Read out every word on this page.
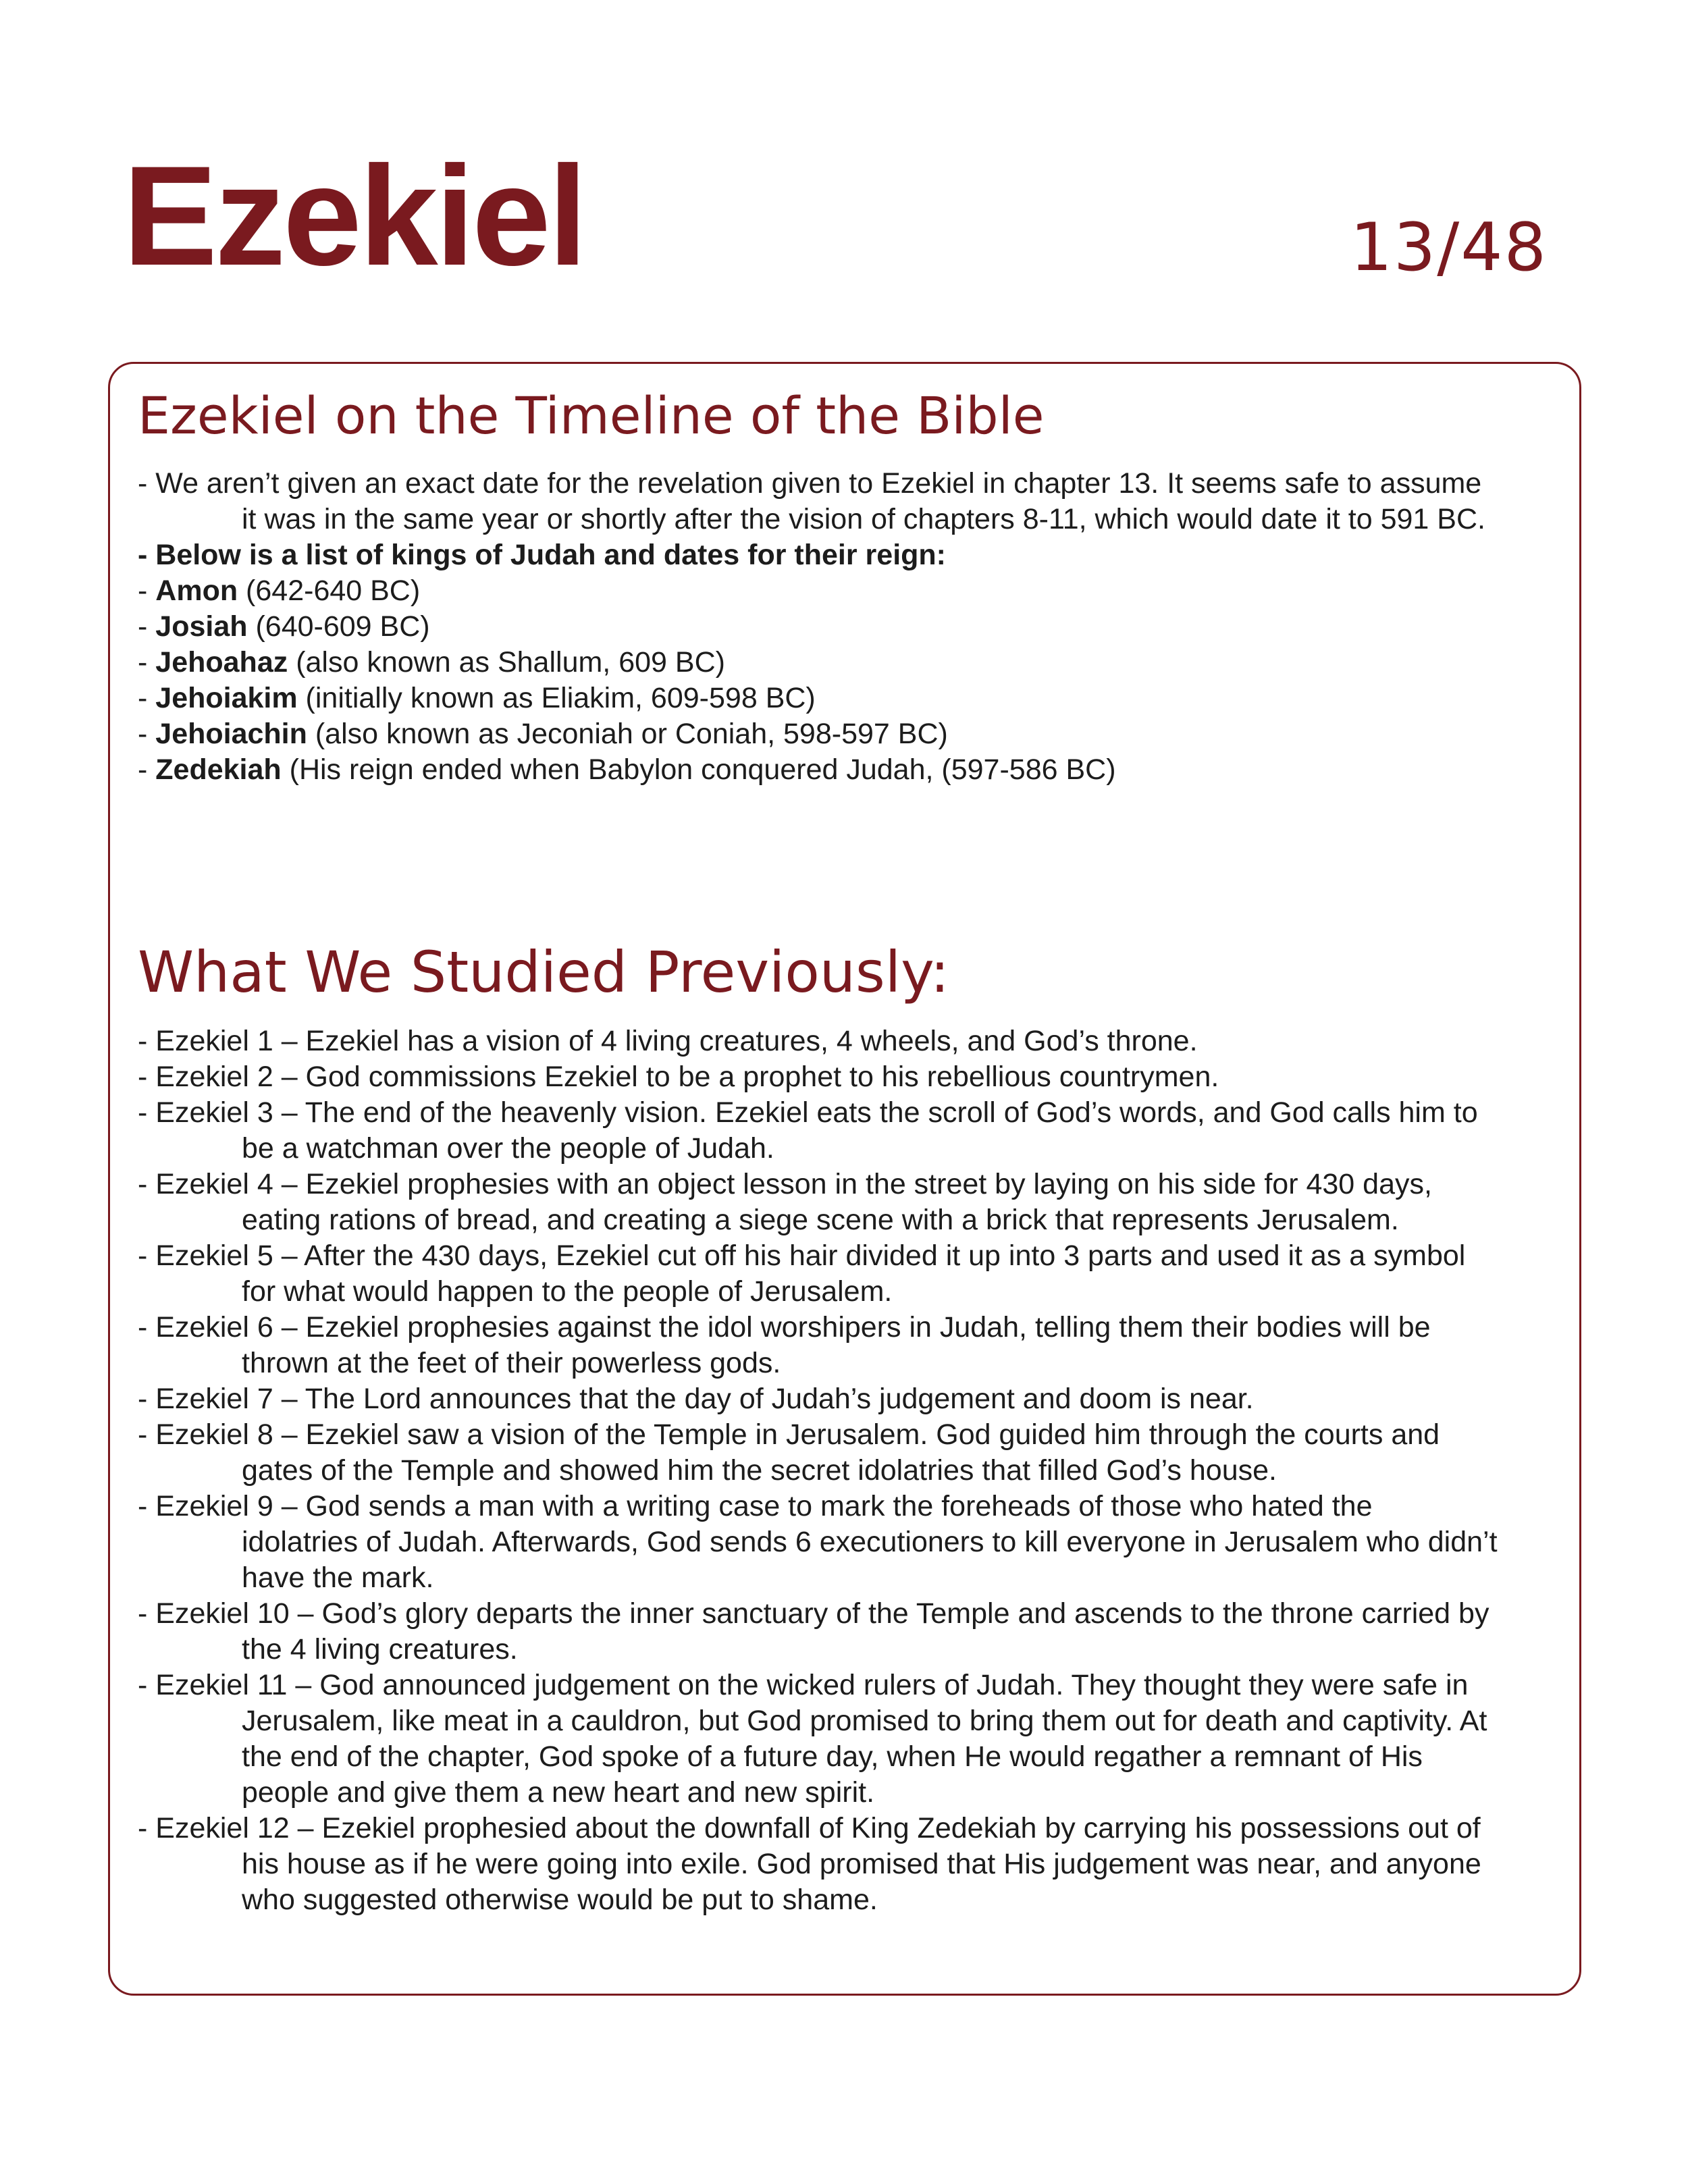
Ezekiel	13/48
Ezekiel on the Timeline of the Bible
- We aren’t given an exact date for the revelation given to Ezekiel in chapter 13. It seems safe to assume
it was in the same year or shortly after the vision of chapters 8-11, which would date it to 591 BC.
- Below is a list of kings of Judah and dates for their reign:
- Amon (642-640 BC)
- Josiah (640-609 BC)
- Jehoahaz (also known as Shallum, 609 BC)
- Jehoiakim (initially known as Eliakim, 609-598 BC)
- Jehoiachin (also known as Jeconiah or Coniah, 598-597 BC)
- Zedekiah (His reign ended when Babylon conquered Judah, (597-586 BC)
What We Studied Previously:
- Ezekiel 1 – Ezekiel has a vision of 4 living creatures, 4 wheels, and God’s throne.
- Ezekiel 2 – God commissions Ezekiel to be a prophet to his rebellious countrymen.
- Ezekiel 3 – The end of the heavenly vision. Ezekiel eats the scroll of God’s words, and God calls him to
be a watchman over the people of Judah.
- Ezekiel 4 – Ezekiel prophesies with an object lesson in the street by laying on his side for 430 days,
eating rations of bread, and creating a siege scene with a brick that represents Jerusalem.
- Ezekiel 5 – After the 430 days, Ezekiel cut off his hair divided it up into 3 parts and used it as a symbol
for what would happen to the people of Jerusalem.
- Ezekiel 6 – Ezekiel prophesies against the idol worshipers in Judah, telling them their bodies will be
thrown at the feet of their powerless gods.
- Ezekiel 7 – The Lord announces that the day of Judah’s judgement and doom is near.
- Ezekiel 8 – Ezekiel saw a vision of the Temple in Jerusalem. God guided him through the courts and
gates of the Temple and showed him the secret idolatries that filled God’s house.
- Ezekiel 9 – God sends a man with a writing case to mark the foreheads of those who hated the
idolatries of Judah. Afterwards, God sends 6 executioners to kill everyone in Jerusalem who didn’t
have the mark.
- Ezekiel 10 – God’s glory departs the inner sanctuary of the Temple and ascends to the throne carried by
the 4 living creatures.
- Ezekiel 11 – God announced judgement on the wicked rulers of Judah. They thought they were safe in
Jerusalem, like meat in a cauldron, but God promised to bring them out for death and captivity. At
the end of the chapter, God spoke of a future day, when He would regather a remnant of His
people and give them a new heart and new spirit.
- Ezekiel 12 – Ezekiel prophesied about the downfall of King Zedekiah by carrying his possessions out of
his house as if he were going into exile. God promised that His judgement was near, and anyone
who suggested otherwise would be put to shame.
